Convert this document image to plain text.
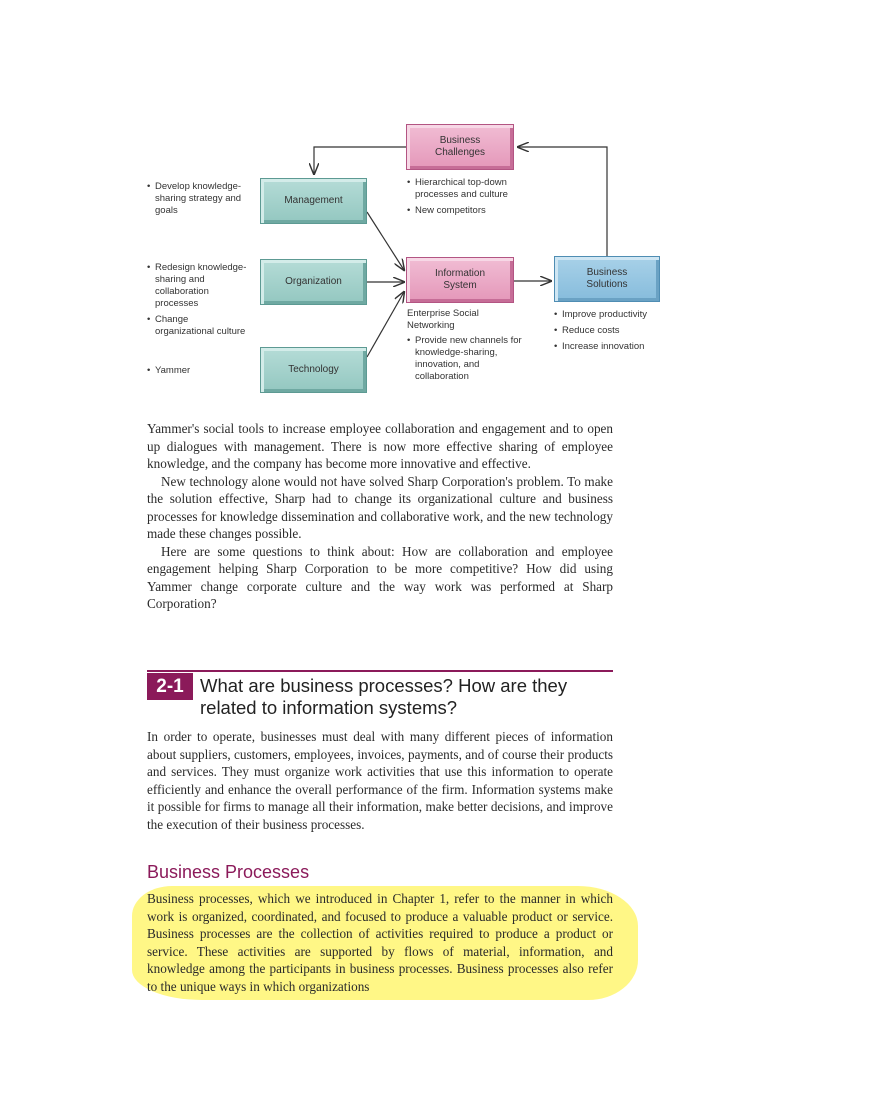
Business
Challenges
Management
Organization
Technology
Information
System
Business
Solutions
• Develop knowledge-sharing strategy and goals
• Redesign knowledge-sharing and collaboration processes
• Change organizational culture
• Yammer
• Hierarchical top-down processes and culture
• New competitors
Enterprise Social Networking
• Provide new channels for knowledge-sharing, innovation, and collaboration
• Improve productivity
• Reduce costs
• Increase innovation

Yammer's social tools to increase employee collaboration and engagement and to open up dialogues with management. There is now more effective sharing of employee knowledge, and the company has become more innovative and effective.

New technology alone would not have solved Sharp Corporation's problem. To make the solution effective, Sharp had to change its organizational culture and business processes for knowledge dissemination and collaborative work, and the new technology made these changes possible.

Here are some questions to think about: How are collaboration and employee engagement helping Sharp Corporation to be more competitive? How did using Yammer change corporate culture and the way work was performed at Sharp Corporation?

2-1 What are business processes? How are they related to information systems?

In order to operate, businesses must deal with many different pieces of information about suppliers, customers, employees, invoices, payments, and of course their products and services. They must organize work activities that use this information to operate efficiently and enhance the overall performance of the firm. Information systems make it possible for firms to manage all their information, make better decisions, and improve the execution of their business processes.

Business Processes

Business processes, which we introduced in Chapter 1, refer to the manner in which work is organized, coordinated, and focused to produce a valuable product or service. Business processes are the collection of activities required to produce a product or service. These activities are supported by flows of material, information, and knowledge among the participants in business processes. Business processes also refer to the unique ways in which organizations
